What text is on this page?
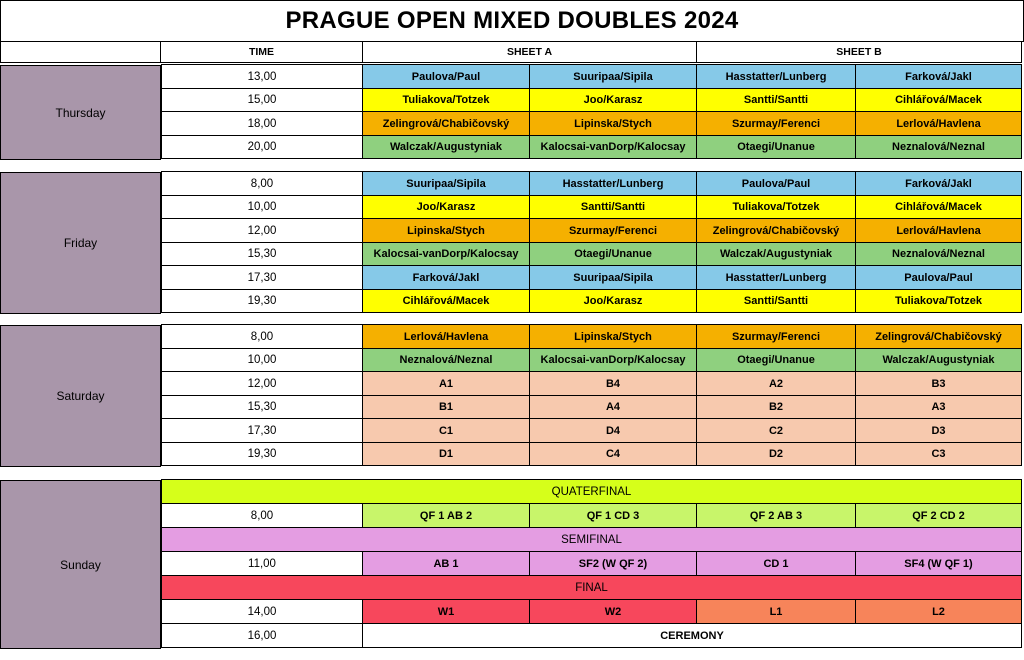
PRAGUE OPEN MIXED DOUBLES 2024
TIME	SHEET A	SHEET B
Thursday
13,00	Paulova/Paul	Suuripaa/Sipila	Hasstatter/Lunberg	Farková/Jakl
15,00	Tuliakova/Totzek	Joo/Karasz	Santti/Santti	Cihlářová/Macek
18,00	Zelingrová/Chabičovský	Lipinska/Stych	Szurmay/Ferenci	Lerlová/Havlena
20,00	Walczak/Augustyniak	Kalocsai-vanDorp/Kalocsay	Otaegi/Unanue	Neznalová/Neznal
Friday
8,00	Suuripaa/Sipila	Hasstatter/Lunberg	Paulova/Paul	Farková/Jakl
10,00	Joo/Karasz	Santti/Santti	Tuliakova/Totzek	Cihlářová/Macek
12,00	Lipinska/Stych	Szurmay/Ferenci	Zelingrová/Chabičovský	Lerlová/Havlena
15,30	Kalocsai-vanDorp/Kalocsay	Otaegi/Unanue	Walczak/Augustyniak	Neznalová/Neznal
17,30	Farková/Jakl	Suuripaa/Sipila	Hasstatter/Lunberg	Paulova/Paul
19,30	Cihlářová/Macek	Joo/Karasz	Santti/Santti	Tuliakova/Totzek
Saturday
8,00	Lerlová/Havlena	Lipinska/Stych	Szurmay/Ferenci	Zelingrová/Chabičovský
10,00	Neznalová/Neznal	Kalocsai-vanDorp/Kalocsay	Otaegi/Unanue	Walczak/Augustyniak
12,00	A1	B4	A2	B3
15,30	B1	A4	B2	A3
17,30	C1	D4	C2	D3
19,30	D1	C4	D2	C3
Sunday
QUATERFINAL
8,00	QF 1 AB 2	QF 1 CD 3	QF 2 AB 3	QF 2 CD 2
SEMIFINAL
11,00	AB 1	SF2 (W QF 2)	CD 1	SF4 (W QF 1)
FINAL
14,00	W1	W2	L1	L2
16,00	CEREMONY
